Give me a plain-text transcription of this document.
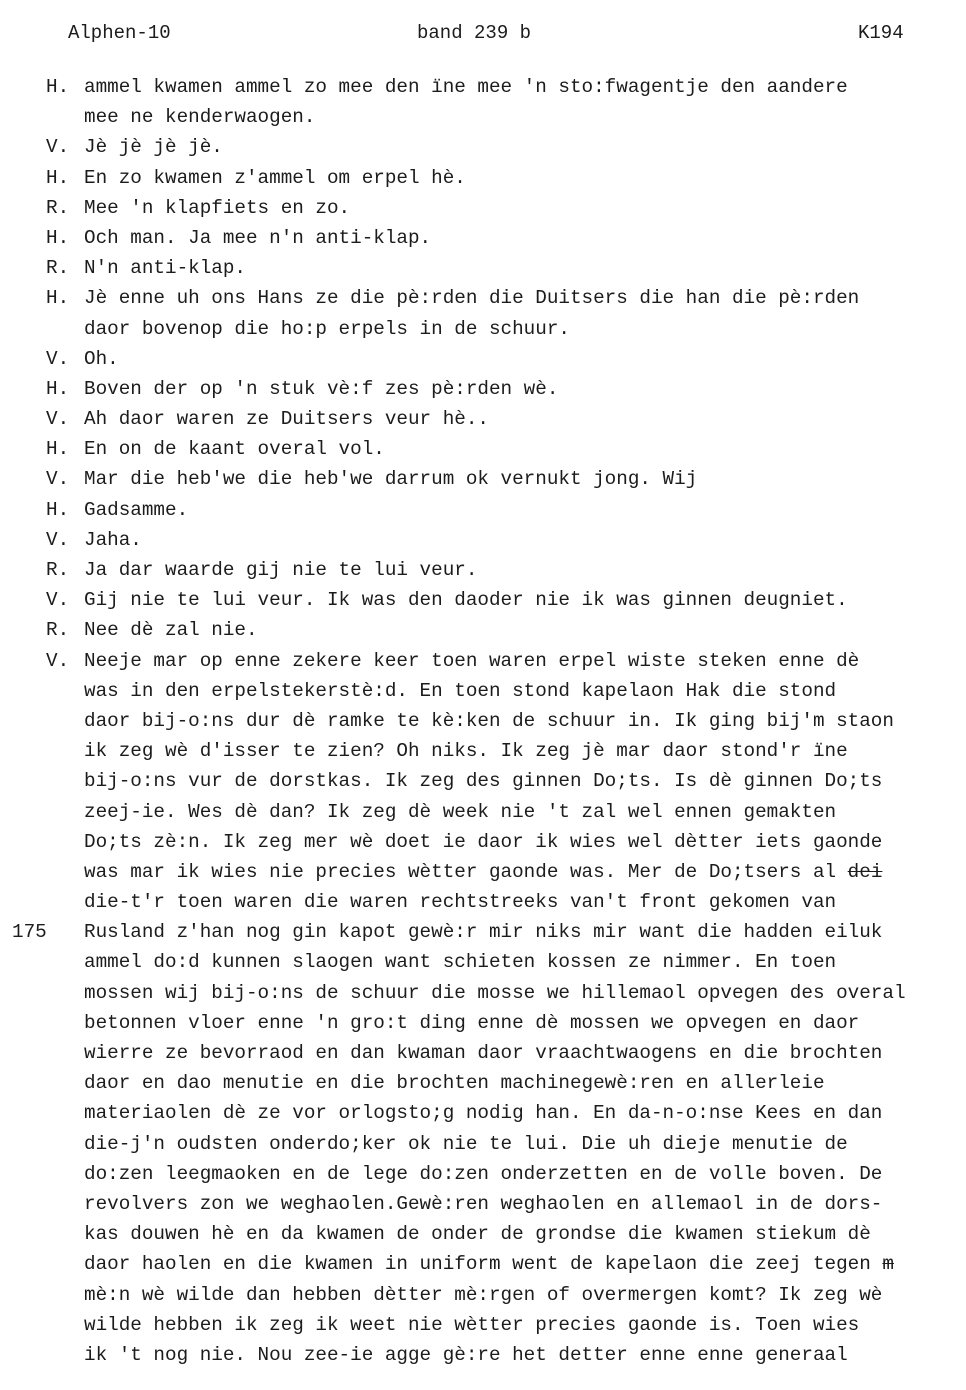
Alphen-10	band 239 b	K194
H. ammel kwamen ammel zo mee den ïne mee 'n sto:fwagentje den aandere
mee ne kenderwaogen.
V. Jè jè jè jè.
H. En zo kwamen z'ammel om erpel hè.
R. Mee 'n klapfiets en zo.
H. Och man. Ja mee n'n anti-klap.
R. N'n anti-klap.
H. Jè enne uh ons Hans ze die pè:rden die Duitsers die han die pè:rden
daor bovenop die ho:p erpels in de schuur.
V. Oh.
H. Boven der op 'n stuk vè:f zes pè:rden wè.
V. Ah daor waren ze Duitsers veur hè..
H. En on de kaant overal vol.
V. Mar die heb'we die heb'we darrum ok vernukt jong. Wij
H. Gadsamme.
V. Jaha.
R. Ja dar waarde gij nie te lui veur.
V. Gij nie te lui veur. Ik was den daoder nie ik was ginnen deugniet.
R. Nee dè zal nie.
V. Neeje mar op enne zekere keer toen waren erpel wiste steken enne dè
was in den erpelstekerstè:d. En toen stond kapelaon Hak die stond
daor bij-o:ns dur dè ramke te kè:ken de schuur in. Ik ging bij'm staon
ik zeg wè d'isser te zien? Oh niks. Ik zeg jè mar daor stond'r ïne
bij-o:ns vur de dorstkas. Ik zeg des ginnen Do;ts. Is dè ginnen Do;ts
zeej-ie. Wes dè dan? Ik zeg dè week nie 't zal wel ennen gemakten
Do;ts zè:n. Ik zeg mer wè doet ie daor ik wies wel dètter iets gaonde
was mar ik wies nie precies wètter gaonde was. Mer de Do;tsers al dei
die-t'r toen waren die waren rechtstreeks van't front gekomen van
175 Rusland z'han nog gin kapot gewè:r mir niks mir want die hadden eiluk
ammel do:d kunnen slaogen want schieten kossen ze nimmer. En toen
mossen wij bij-o:ns de schuur die mosse we hillemaol opvegen des overal
betonnen vloer enne 'n gro:t ding enne dè mossen we opvegen en daor
wierre ze bevorraod en dan kwaman daor vraachtwaogens en die brochten
daor en dao menutie en die brochten machinegewè:ren en allerleie
materiaolen dè ze vor orlogsto;g nodig han. En da-n-o:nse Kees en dan
die-j'n oudsten onderdo;ker ok nie te lui. Die uh dieje menutie de
do:zen leegmaoken en de lege do:zen onderzetten en de volle boven. De
revolvers zon we weghaolen.Gewè:ren weghaolen en allemaol in de dors-
kas douwen hè en da kwamen de onder de grondse die kwamen stiekum dè
daor haolen en die kwamen in uniform went de kapelaon die zeej tegen m
mè:n wè wilde dan hebben dètter mè:rgen of overmergen komt? Ik zeg wè
wilde hebben ik zeg ik weet nie wètter precies gaonde is. Toen wies
ik 't nog nie. Nou zee-ie agge gè:re het detter enne enne generaal
